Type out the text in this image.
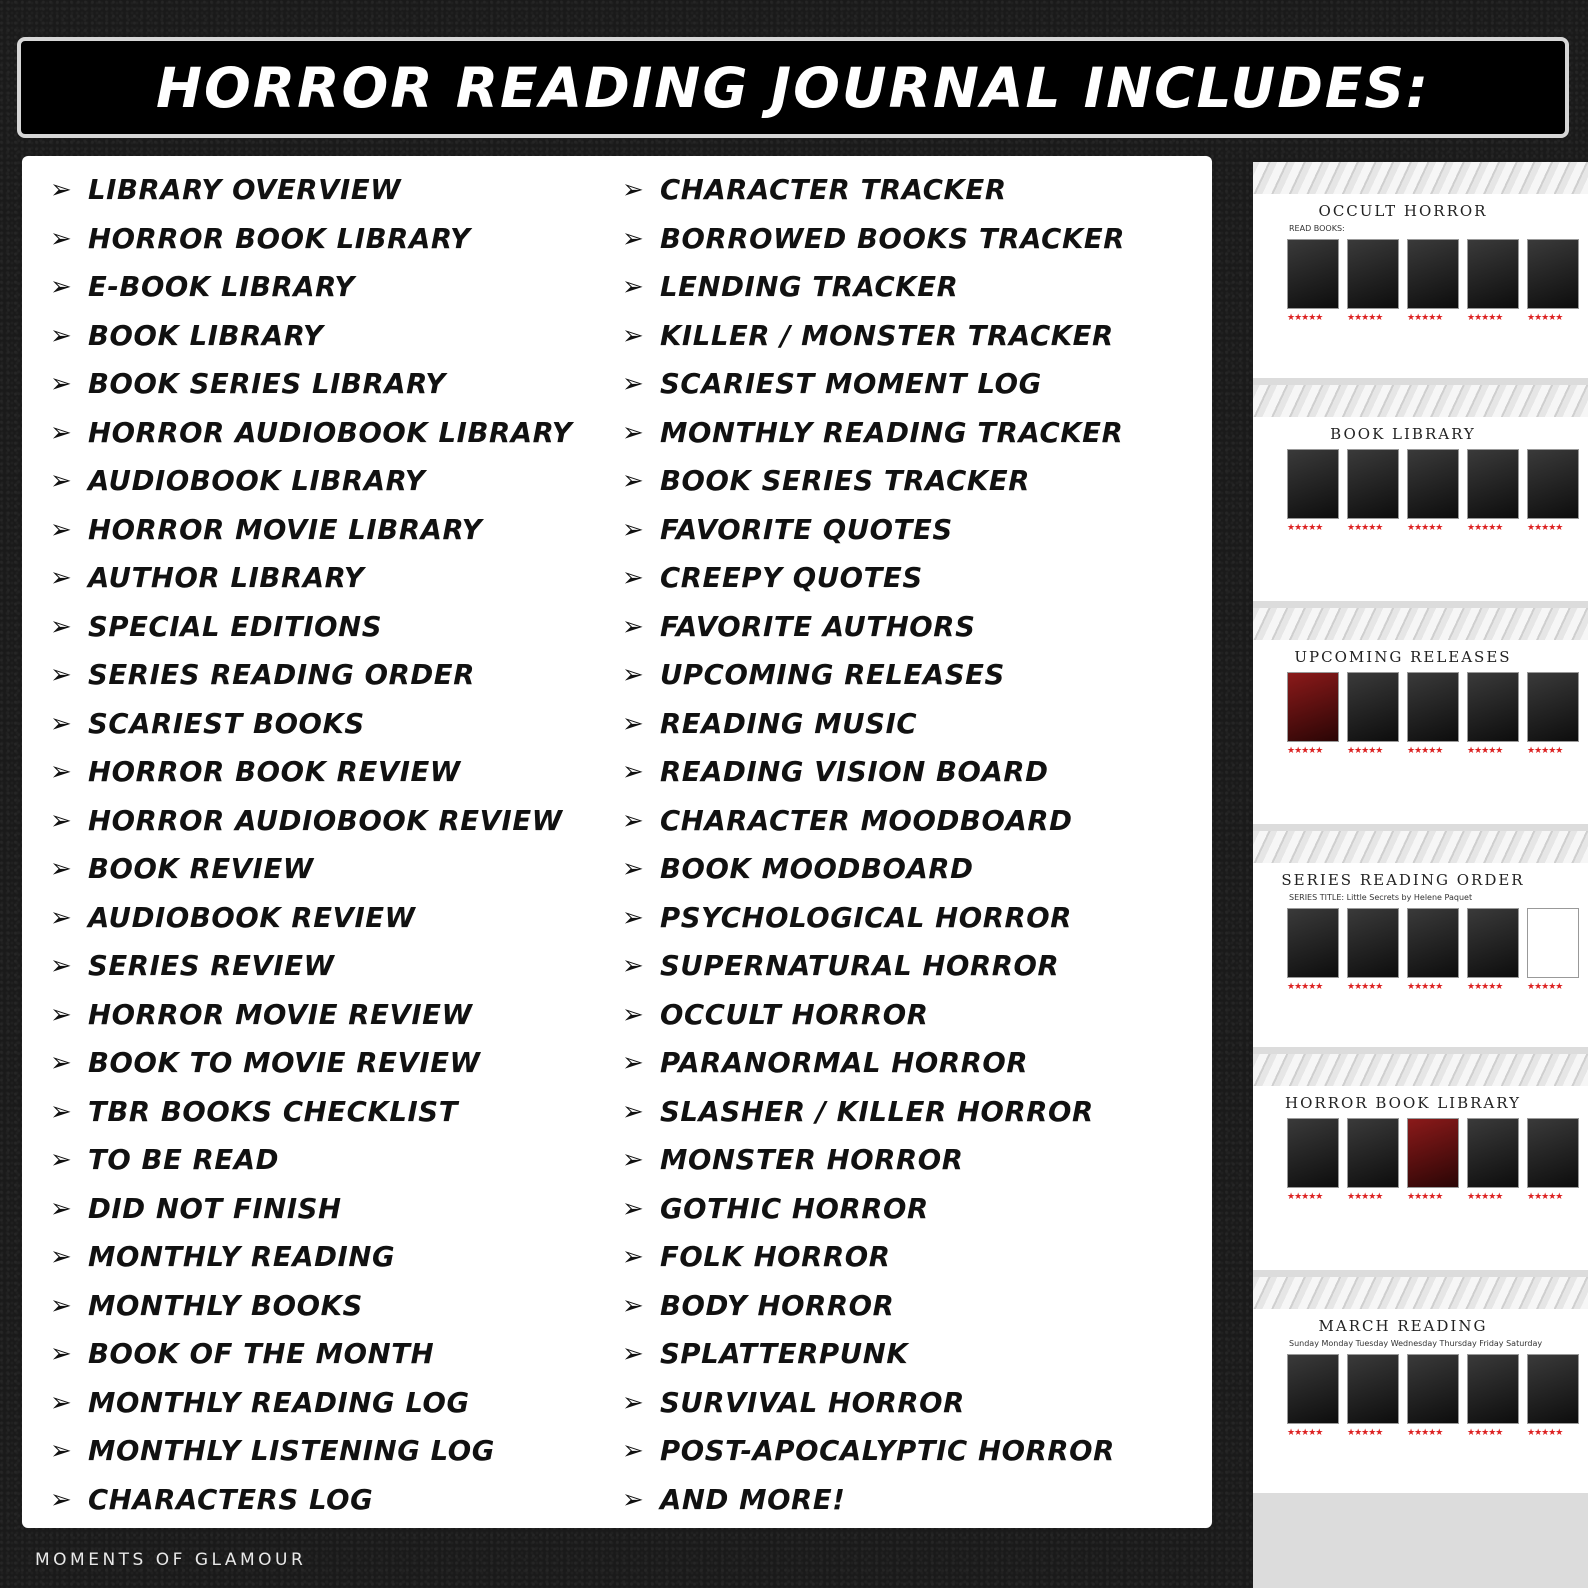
HORROR READING JOURNAL INCLUDES:
➢ LIBRARY OVERVIEW
➢ HORROR BOOK LIBRARY
➢ E-BOOK LIBRARY
➢ BOOK LIBRARY
➢ BOOK SERIES LIBRARY
➢ HORROR AUDIOBOOK LIBRARY
➢ AUDIOBOOK LIBRARY
➢ HORROR MOVIE LIBRARY
➢ AUTHOR LIBRARY
➢ SPECIAL EDITIONS
➢ SERIES READING ORDER
➢ SCARIEST BOOKS
➢ HORROR BOOK REVIEW
➢ HORROR AUDIOBOOK REVIEW
➢ BOOK REVIEW
➢ AUDIOBOOK REVIEW
➢ SERIES REVIEW
➢ HORROR MOVIE REVIEW
➢ BOOK TO MOVIE REVIEW
➢ TBR BOOKS CHECKLIST
➢ TO BE READ
➢ DID NOT FINISH
➢ MONTHLY READING
➢ MONTHLY BOOKS
➢ BOOK OF THE MONTH
➢ MONTHLY READING LOG
➢ MONTHLY LISTENING LOG
➢ CHARACTERS LOG
➢ CHARACTER TRACKER
➢ BORROWED BOOKS TRACKER
➢ LENDING TRACKER
➢ KILLER / MONSTER TRACKER
➢ SCARIEST MOMENT LOG
➢ MONTHLY READING TRACKER
➢ BOOK SERIES TRACKER
➢ FAVORITE QUOTES
➢ CREEPY QUOTES
➢ FAVORITE AUTHORS
➢ UPCOMING RELEASES
➢ READING MUSIC
➢ READING VISION BOARD
➢ CHARACTER MOODBOARD
➢ BOOK MOODBOARD
➢ PSYCHOLOGICAL HORROR
➢ SUPERNATURAL HORROR
➢ OCCULT HORROR
➢ PARANORMAL HORROR
➢ SLASHER / KILLER HORROR
➢ MONSTER HORROR
➢ GOTHIC HORROR
➢ FOLK HORROR
➢ BODY HORROR
➢ SPLATTERPUNK
➢ SURVIVAL HORROR
➢ POST-APOCALYPTIC HORROR
➢ AND MORE!
OCCULT HORROR
READ BOOKS:
★★★★★	★★★★★	★★★★★	★★★★★	★★★★★
BOOK LIBRARY
★★★★★	★★★★★	★★★★★	★★★★★	★★★★★
UPCOMING RELEASES
★★★★★	★★★★★	★★★★★	★★★★★	★★★★★
SERIES READING ORDER
SERIES TITLE: Little Secrets by Helene Paquet
★★★★★	★★★★★	★★★★★	★★★★★	★★★★★
HORROR BOOK LIBRARY
★★★★★	★★★★★	★★★★★	★★★★★	★★★★★
MARCH READING
Sunday Monday Tuesday Wednesday Thursday Friday Saturday
★★★★★	★★★★★	★★★★★	★★★★★	★★★★★
MOMENTS OF GLAMOUR
